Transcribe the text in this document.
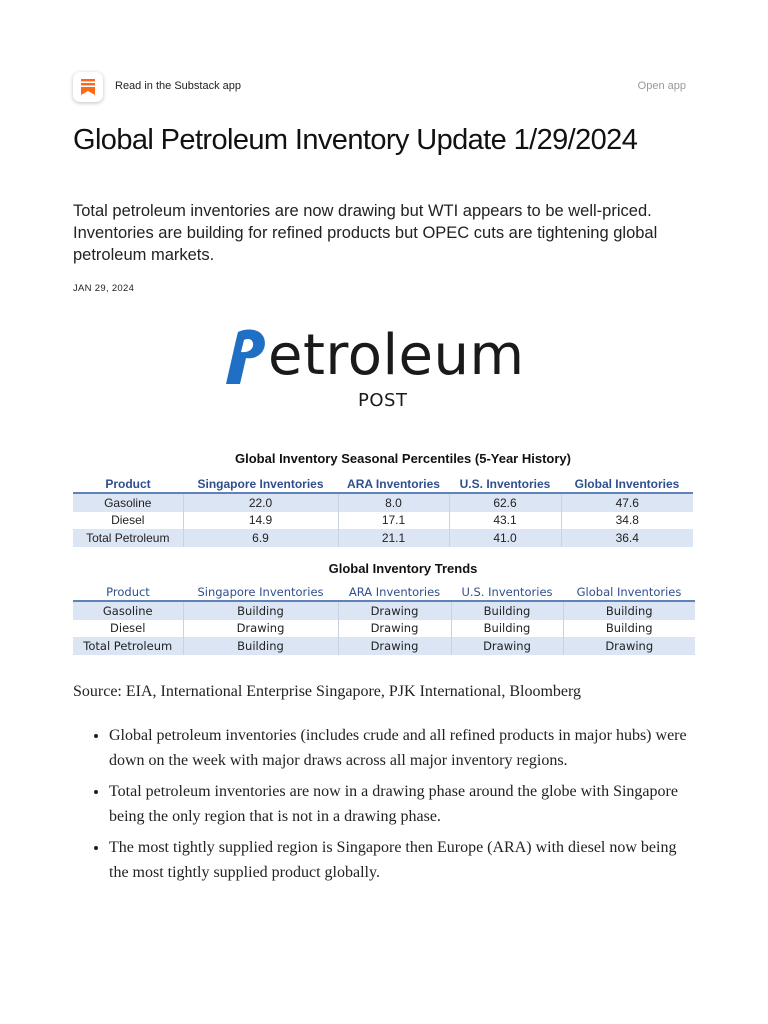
Read in the Substack app	Open app
Global Petroleum Inventory Update 1/29/2024

Total petroleum inventories are now drawing but WTI appears to be well-priced. Inventories are building for refined products but OPEC cuts are tightening global petroleum markets.

JAN 29, 2024
etroleum
POST
Global Inventory Seasonal Percentiles (5-Year History)
Product	Singapore Inventories	ARA Inventories	U.S. Inventories	Global Inventories
Gasoline	22.0	8.0	62.6	47.6
Diesel	14.9	17.1	43.1	34.8
Total Petroleum	6.9	21.1	41.0	36.4
Global Inventory Trends
Product	Singapore Inventories	ARA Inventories	U.S. Inventories	Global Inventories
Gasoline	Building	Drawing	Building	Building
Diesel	Drawing	Drawing	Building	Building
Total Petroleum	Building	Drawing	Drawing	Drawing
Source: EIA, International Enterprise Singapore, PJK International, Bloomberg
• Global petroleum inventories (includes crude and all refined products in major hubs) were down on the week with major draws across all major inventory regions.
• Total petroleum inventories are now in a drawing phase around the globe with Singapore being the only region that is not in a drawing phase.
• The most tightly supplied region is Singapore then Europe (ARA) with diesel now being the most tightly supplied product globally.
